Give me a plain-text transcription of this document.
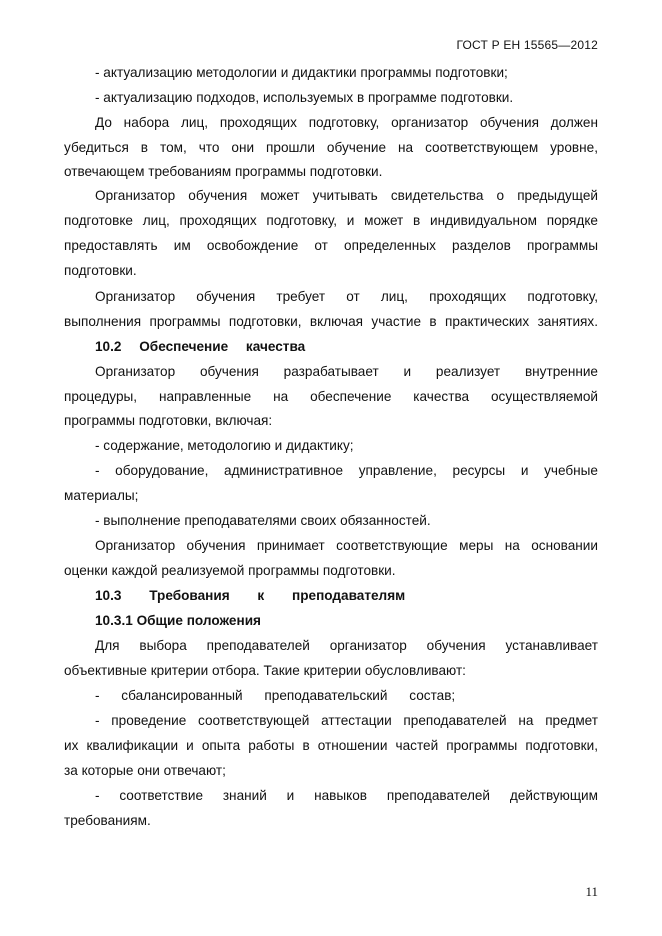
ГОСТ Р ЕН 15565—2012
- актуализацию методологии и дидактики программы подготовки;
- актуализацию подходов, используемых в программе подготовки.
До набора лиц, проходящих подготовку, организатор обучения должен
убедиться в том, что они прошли обучение на соответствующем уровне,
отвечающем требованиям программы подготовки.
Организатор обучения может учитывать свидетельства о предыдущей
подготовке лиц, проходящих подготовку, и может в индивидуальном порядке
предоставлять им освобождение от определенных разделов программы
подготовки.
Организатор обучения требует от лиц, проходящих подготовку,
выполнения программы подготовки, включая участие в практических занятиях.
10.2 Обеспечение качества
Организатор обучения разрабатывает и реализует внутренние
процедуры, направленные на обеспечение качества осуществляемой
программы подготовки, включая:
- содержание, методологию и дидактику;
- оборудование, административное управление, ресурсы и учебные
материалы;
- выполнение преподавателями своих обязанностей.
Организатор обучения принимает соответствующие меры на основании
оценки каждой реализуемой программы подготовки.
10.3 Требования к преподавателям
10.3.1 Общие положения
Для выбора преподавателей организатор обучения устанавливает
объективные критерии отбора. Такие критерии обусловливают:
- сбалансированный преподавательский состав;
- проведение соответствующей аттестации преподавателей на предмет
их квалификации и опыта работы в отношении частей программы подготовки,
за которые они отвечают;
- соответствие знаний и навыков преподавателей действующим
требованиям.
11
